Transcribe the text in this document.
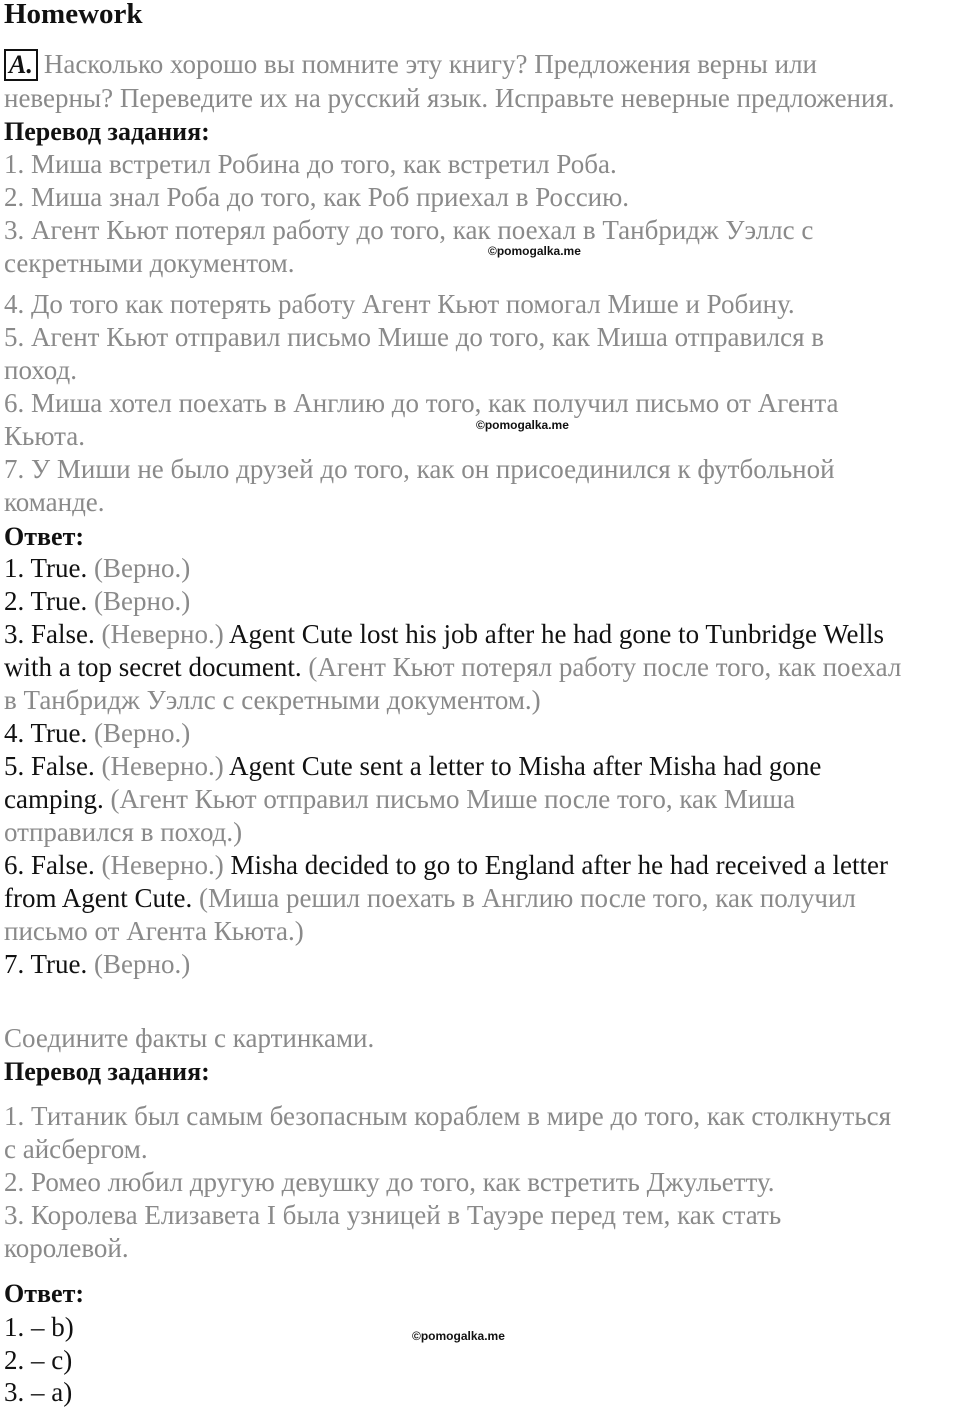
Homework
A. Насколько хорошо вы помните эту книгу? Предложения верны или
неверны? Переведите их на русский язык. Исправьте неверные предложения.
Перевод задания:
1. Миша встретил Робина до того, как встретил Роба.
2. Миша знал Роба до того, как Роб приехал в Россию.
3. Агент Кьют потерял работу до того, как поехал в Танбридж Уэллс с
секретными документом.	©pomogalka.me
4. До того как потерять работу Агент Кьют помогал Мише и Робину.
5. Агент Кьют отправил письмо Мише до того, как Миша отправился в
поход.
6. Миша хотел поехать в Англию до того, как получил письмо от Агента
Кьюта.	©pomogalka.me
7. У Миши не было друзей до того, как он присоединился к футбольной
команде.
Ответ:
1. True. (Верно.)
2. True. (Верно.)
3. False. (Неверно.) Agent Cute lost his job after he had gone to Tunbridge Wells
with a top secret document. (Агент Кьют потерял работу после того, как поехал
в Танбридж Уэллс с секретными документом.)
4. True. (Верно.)
5. False. (Неверно.) Agent Cute sent a letter to Misha after Misha had gone
camping. (Агент Кьют отправил письмо Мише после того, как Миша
отправился в поход.)
6. False. (Неверно.) Misha decided to go to England after he had received a letter
from Agent Cute. (Миша решил поехать в Англию после того, как получил
письмо от Агента Кьюта.)
7. True. (Верно.)
Соедините факты с картинками.
Перевод задания:
1. Титаник был самым безопасным кораблем в мире до того, как столкнуться
с айсбергом.
2. Ромео любил другую девушку до того, как встретить Джульетту.
3. Королева Елизавета I была узницей в Тауэре перед тем, как стать
королевой.
Ответ:
1. – b)	©pomogalka.me
2. – c)
3. – a)
